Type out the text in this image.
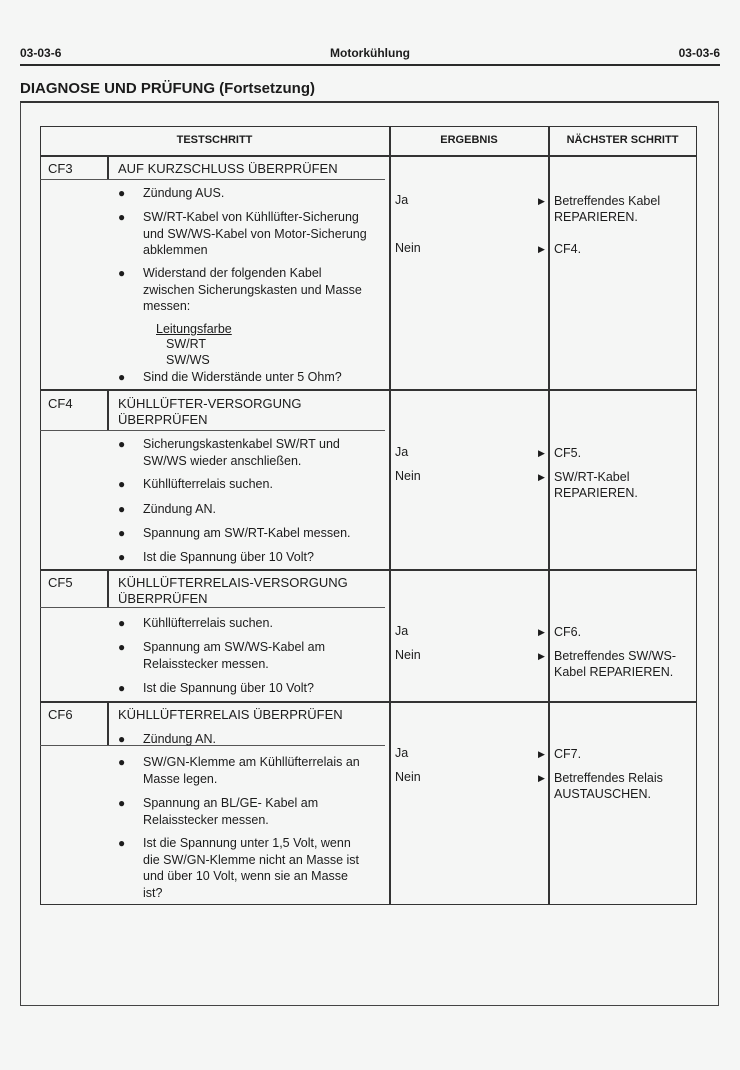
03-03-6	Motorkühlung	03-03-6
DIAGNOSE UND PRÜFUNG (Fortsetzung)
TESTSCHRITT	ERGEBNIS	NÄCHSTER SCHRITT
CF3	AUF KURZSCHLUSS ÜBERPRÜFEN
● Zündung AUS.
● SW/RT-Kabel von Kühllüfter-Sicherung
und SW/WS-Kabel von Motor-Sicherung
abklemmen
● Widerstand der folgenden Kabel
zwischen Sicherungskasten und Masse
messen:
Leitungsfarbe
SW/RT
SW/WS
● Sind die Widerstände unter 5 Ohm?
Ja	▶ Betreffendes Kabel
REPARIEREN.
Nein	▶ CF4.
CF4	KÜHLLÜFTER-VERSORGUNG
ÜBERPRÜFEN
● Sicherungskastenkabel SW/RT und
SW/WS wieder anschließen.
● Kühllüfterrelais suchen.
● Zündung AN.
● Spannung am SW/RT-Kabel messen.
● Ist die Spannung über 10 Volt?
Ja	▶ CF5.
Nein	▶ SW/RT-Kabel
REPARIEREN.
CF5	KÜHLLÜFTERRELAIS-VERSORGUNG
ÜBERPRÜFEN
● Kühllüfterrelais suchen.
● Spannung am SW/WS-Kabel am
Relaisstecker messen.
● Ist die Spannung über 10 Volt?
Ja	▶ CF6.
Nein	▶ Betreffendes SW/WS-
Kabel REPARIEREN.
CF6	KÜHLLÜFTERRELAIS ÜBERPRÜFEN
● Zündung AN.
● SW/GN-Klemme am Kühllüfterrelais an
Masse legen.
● Spannung an BL/GE- Kabel am
Relaisstecker messen.
● Ist die Spannung unter 1,5 Volt, wenn
die SW/GN-Klemme nicht an Masse ist
und über 10 Volt, wenn sie an Masse
ist?
Ja	▶ CF7.
Nein	▶ Betreffendes Relais
AUSTAUSCHEN.
